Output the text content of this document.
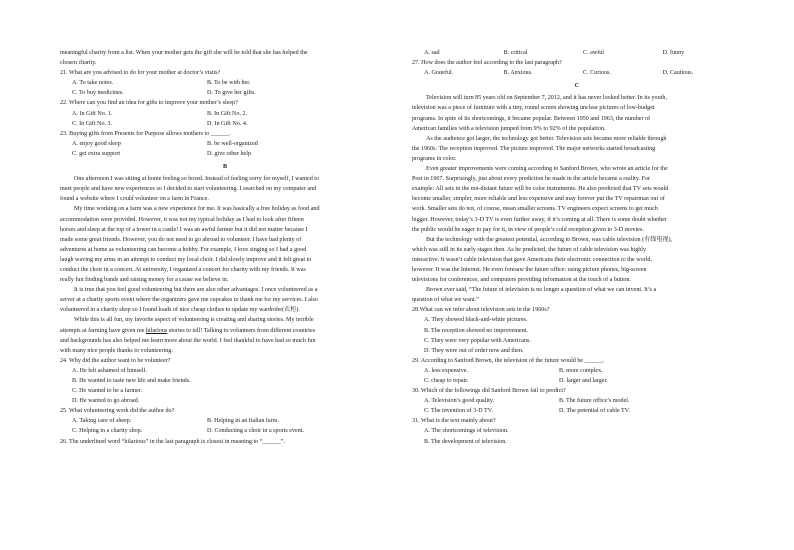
meaningful charity from a list. When your mother gets the gift she will be told that she has helped the
chosen charity.
21. What are you advised to do for your mother at doctor’s visits?
A. To take notes.	B. To be with her.
C. To buy medicines.	D. To give her gifts.
22. Where can you find an idea for gifts to improve your mother’s sleep?
A. In Gift No. 1.	B. In Gift No. 2.
C. In Gift No. 3.	D. In Gift No. 4.
23. Buying gifts from Presents for Purpose allows mothers to ______.
A. enjoy good sleep	B. be well-organized
C. get extra support	D. give other help
B
One afternoon I was sitting at home feeling so bored. Instead of feeling sorry for myself, I wanted to
meet people and have new experiences so I decided to start volunteering. I searched on my computer and
found a website where I could volunteer on a farm in France.
My time working on a farm was a new experience for me. It was basically a free holiday as food and
accommodation were provided. However, it was not my typical holiday as I had to look after fifteen
horses and sleep at the top of a tower in a castle! I was an awful farmer but it did not matter because I
made some great friends. However, you do not need to go abroad to volunteer. I have had plenty of
adventures at home as volunteering can become a hobby. For example, I love singing so I had a good
laugh waving my arms in an attempt to conduct my local choir. I did slowly improve and it felt great to
conduct the choir in a concert. At university, I organized a concert for charity with my friends. It was
really fun finding bands and raising money for a cause we believe in.
It is true that you feel good volunteering but there are also other advantages. I once volunteered as a
server at a charity sports event where the organizers gave me cupcakes to thank me for my services. I also
volunteered in a charity shop so I found loads of nice cheap clothes to update my wardrobe(衣柜).
While this is all fun, my favorite aspect of volunteering is creating and sharing stories. My terrible
attempts at farming have given me hilarious stories to tell! Talking to volunteers from different countries
and backgrounds has also helped me learn more about the world. I feel thankful to have had so much fun
with many nice people thanks to volunteering.
24. Why did the author want to be volunteer?
A. He felt ashamed of himself.
B. He wanted to taste new life and make friends.
C. He wanted to be a farmer.
D. He wanted to go abroad.
25. What volunteering work did the author do?
A. Taking care of sheep.	B. Helping in an Italian farm.
C. Helping in a charity shop.	D. Conducting a choir in a sports event.
26. The underlined word “hilarious” in the last paragraph is closest in meaning to “______”.
A. sad	B. critical	C. awful	D. funny
27. How does the author feel according to the last paragraph?
A. Grateful.	B. Anxious.	C. Curious.	D. Cautious.
C
Television will turn 85 years old on September 7, 2012, and it has never looked better. In its youth,
television was a piece of furniture with a tiny, round screen showing unclear pictures of low-budget
programs. In spite of its shortcomings, it became popular. Between 1950 and 1963, the number of
American families with a television jumped from 9% to 92% of the population.
As the audience got larger, the technology got better. Television sets became more reliable through
the 1960s. The reception improved. The picture improved. The major networks started broadcasting
programs in color.
Even greater improvements were coming according to Sanford Brown, who wrote an article for the
Post in 1967. Surprisingly, just about every prediction he made in the article became a reality. For
example: All sets in the not-distant future will be color instruments. He also predicted that TV sets would
become smaller, simpler, more reliable and less expensive and may forever put the TV repairman out of
work. Smaller sets do not, of course, mean smaller screens. TV engineers expect screens to get much
bigger. However, today’s 3-D TV is even further away, if it’s coming at all. There is some doubt whether
the public would be eager to pay for it, in view of people’s cold reception given to 3-D movies.
But the technology with the greatest potential, according to Brown, was cable television (有线电视),
which was still in its early stages then. As he predicted, the future of cable television was highly
interactive. It wasn’t cable television that gave Americans their electronic connection to the world,
however. It was the Internet. He even foresaw the future office: using picture phones, big-screen
televisions for conferences, and computers providing information at the touch of a button.
Brown ever said, “The future of television is no longer a question of what we can invent. It’s a
question of what we want.”
28.What can we infer about television sets in the 1960s?
A. They showed black-and-white pictures.
B. The reception showed no improvement.
C. They were very popular with Americans.
D. They were out of order now and then.
29. According to Sanford Brown, the television of the future would be ______.
A. less expensive.	B. more complex.
C. cheap to repair.	D. larger and larger.
30. Which of the followings did Sanford Brown fail to predict?
A. Television’s good quality.	B. The future office’s model.
C. The invention of 3-D TV.	D. The potential of cable TV.
31. What is the text mainly about?
A. The shortcomings of television.
B. The development of television.
